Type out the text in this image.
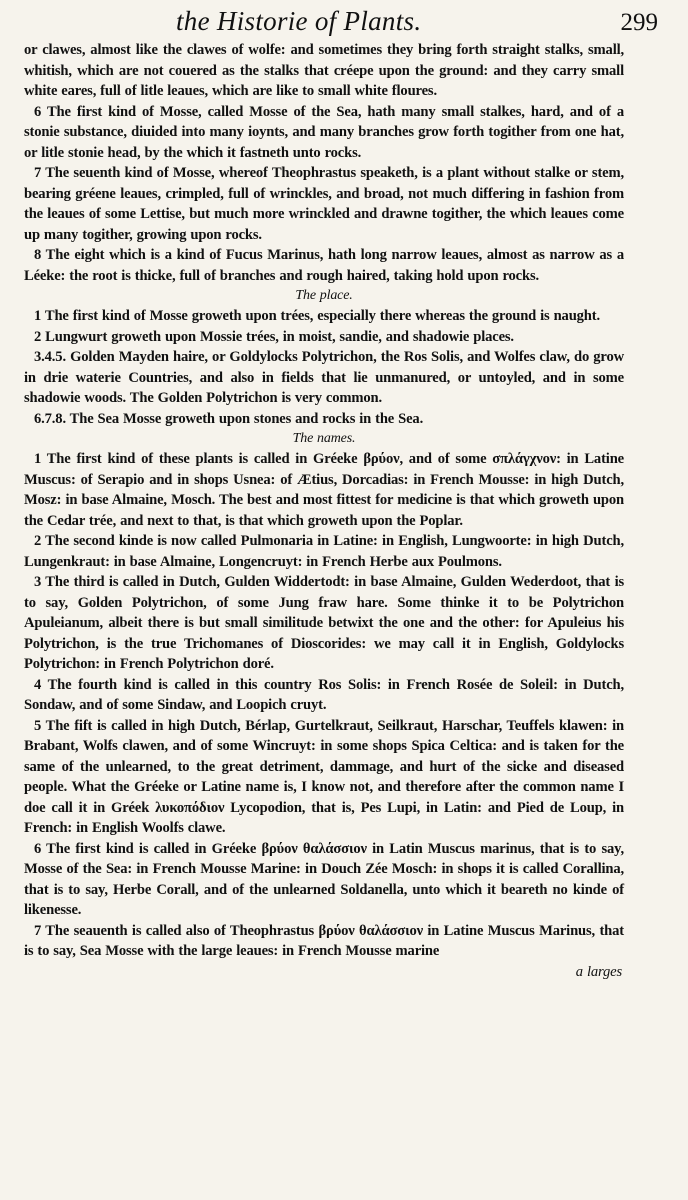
the Historie of Plants.	299

or clawes, almost like the clawes of wolfe: and sometimes they bring forth straight stalks, small, whitish, which are not couered as the stalks that créepe upon the ground: and they carry small white eares, full of litle leaues, which are like to small white floures.

6 The first kind of Mosse, called Mosse of the Sea, hath many small stalkes, hard, and of a stonie substance, diuided into many ioynts, and many branches grow forth togither from one hat, or litle stonie head, by the which it fastneth unto rocks.

7 The seuenth kind of Mosse, whereof Theophrastus speaketh, is a plant without stalke or stem, bearing gréene leaues, crimpled, full of wrinckles, and broad, not much differing in fashion from the leaues of some Lettise, but much more wrinckled and drawne togither, the which leaues come up many togither, growing upon rocks.

8 The eight which is a kind of Fucus Marinus, hath long narrow leaues, almost as narrow as a Léeke: the root is thicke, full of branches and rough haired, taking hold upon rocks.

The place.

1 The first kind of Mosse groweth upon trées, especially there whereas the ground is naught.

2 Lungwurt groweth upon Mossie trées, in moist, sandie, and shadowie places.

3.4.5. Golden Mayden haire, or Goldylocks Polytrichon, the Ros Solis, and Wolfes claw, do grow in drie waterie Countries, and also in fields that lie unmanured, or untoyled, and in some shadowie woods. The Golden Polytrichon is very common.

6.7.8. The Sea Mosse groweth upon stones and rocks in the Sea.

The names.

1 The first kind of these plants is called in Gréeke βρύον, and of some σπλάγχνον: in Latine Muscus: of Serapio and in shops Usnea: of Ætius, Dorcadias: in French Mousse: in high Dutch, Mosz: in base Almaine, Mosch. The best and most fittest for medicine is that which groweth upon the Cedar trée, and next to that, is that which groweth upon the Poplar.

2 The second kinde is now called Pulmonaria in Latine: in English, Lungwoorte: in high Dutch, Lungenkraut: in base Almaine, Longencruyt: in French Herbe aux Poulmons.

3 The third is called in Dutch, Gulden Widdertodt: in base Almaine, Gulden Wederdoot, that is to say, Golden Polytrichon, of some Jung fraw hare. Some thinke it to be Polytrichon Apuleianum, albeit there is but small similitude betwixt the one and the other: for Apuleius his Polytrichon, is the true Trichomanes of Dioscorides: we may call it in English, Goldylocks Polytrichon: in French Polytrichon doré.

4 The fourth kind is called in this country Ros Solis: in French Rosée de Soleil: in Dutch, Sondaw, and of some Sindaw, and Loopich cruyt.

5 The fift is called in high Dutch, Bérlap, Gurtelkraut, Seilkraut, Harschar, Teuffels klawen: in Brabant, Wolfs clawen, and of some Wincruyt: in some shops Spica Celtica: and is taken for the same of the unlearned, to the great detriment, dammage, and hurt of the sicke and diseased people. What the Gréeke or Latine name is, I know not, and therefore after the common name I doe call it in Gréek λυκοπόδιον Lycopodion, that is, Pes Lupi, in Latin: and Pied de Loup, in French: in English Woolfs clawe.

6 The first kind is called in Gréeke βρύον θαλάσσιον in Latin Muscus marinus, that is to say, Mosse of the Sea: in French Mousse Marine: in Douch Zée Mosch: in shops it is called Corallina, that is to say, Herbe Corall, and of the unlearned Soldanella, unto which it beareth no kinde of likenesse.

7 The seauenth is called also of Theophrastus βρύον θαλάσσιον in Latine Muscus Marinus, that is to say, Sea Mosse with the large leaues: in French Mousse marine

a larges
